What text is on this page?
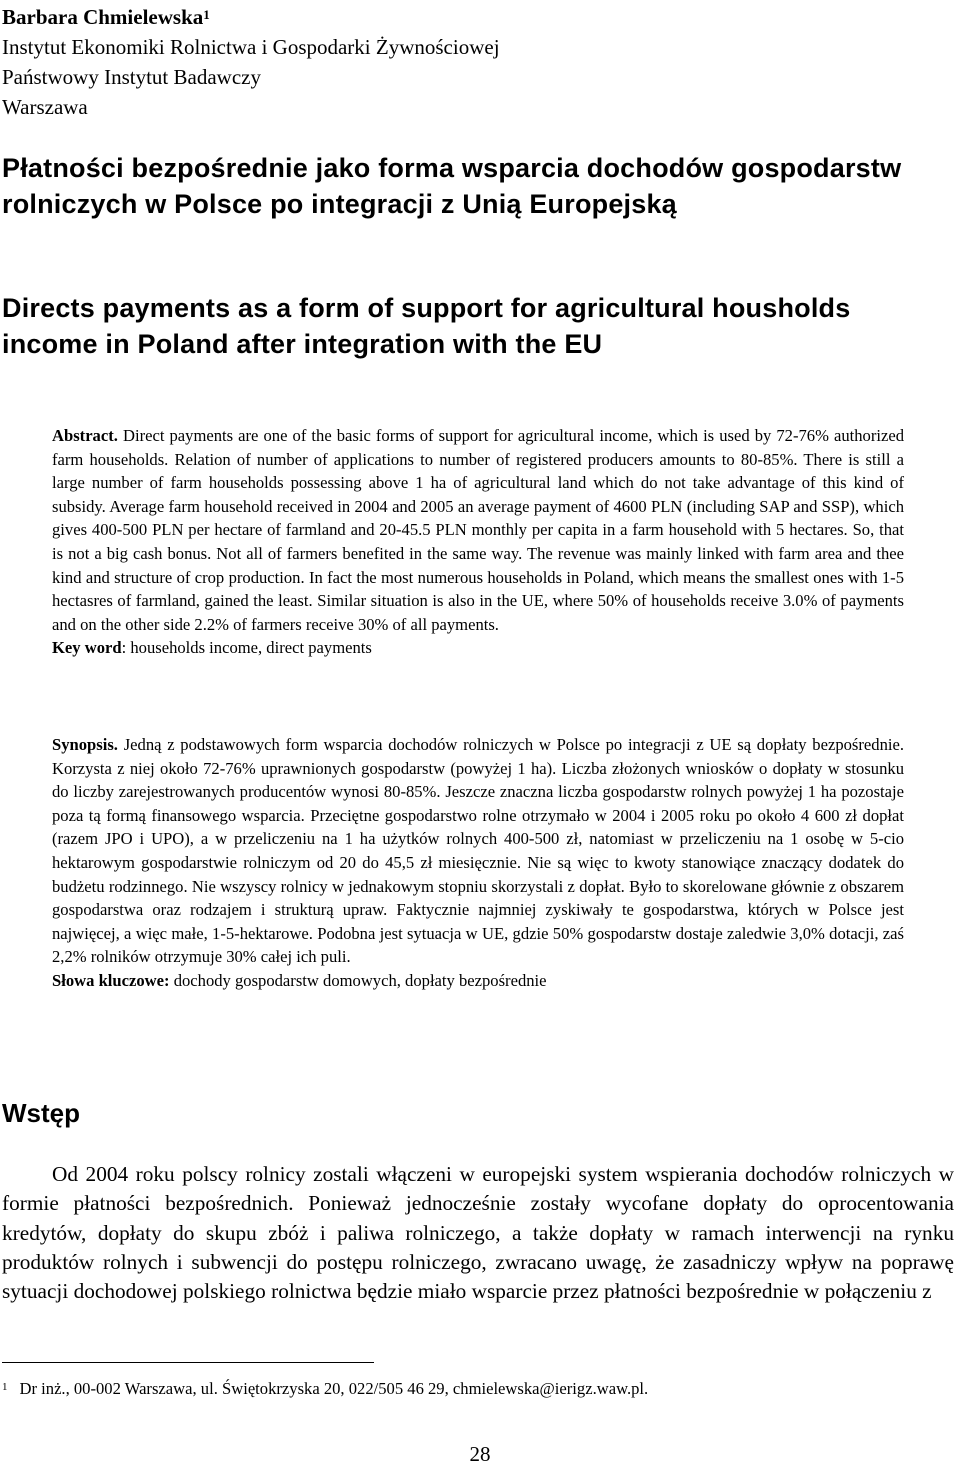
Barbara Chmielewska$^1$
Instytut Ekonomiki Rolnictwa i Gospodarki Żywnościowej
Państwowy Instytut Badawczy
Warszawa
Płatności bezpośrednie jako forma wsparcia dochodów gospodarstw rolniczych w Polsce po integracji z Unią Europejską
Directs payments as a form of support for agricultural housholds income in Poland after integration with the EU
Abstract. Direct payments are one of the basic forms of support for agricultural income, which is used by 72-76% authorized farm households. Relation of number of applications to number of registered producers amounts to 80-85%. There is still a large number of farm households possessing above 1 ha of agricultural land which do not take advantage of this kind of subsidy. Average farm household received in 2004 and 2005 an average payment of 4600 PLN (including SAP and SSP), which gives 400-500 PLN per hectare of farmland and 20-45.5 PLN monthly per capita in a farm household with 5 hectares. So, that is not a big cash bonus. Not all of farmers benefited in the same way. The revenue was mainly linked with farm area and thee kind and structure of crop production. In fact the most numerous households in Poland, which means the smallest ones with 1-5 hectasres of farmland, gained the least. Similar situation is also in the UE, where 50% of households receive 3.0% of payments and on the other side 2.2% of farmers receive 30% of all payments.
Key word: households income, direct payments
Synopsis. Jedną z podstawowych form wsparcia dochodów rolniczych w Polsce po integracji z UE są dopłaty bezpośrednie. Korzysta z niej około 72-76% uprawnionych gospodarstw (powyżej 1 ha). Liczba złożonych wniosków o dopłaty w stosunku do liczby zarejestrowanych producentów wynosi 80-85%. Jeszcze znaczna liczba gospodarstw rolnych powyżej 1 ha pozostaje poza tą formą finansowego wsparcia. Przeciętne gospodarstwo rolne otrzymało w 2004 i 2005 roku po około 4 600 zł dopłat (razem JPO i UPO), a w przeliczeniu na 1 ha użytków rolnych 400-500 zł, natomiast w przeliczeniu na 1 osobę w 5-cio hektarowym gospodarstwie rolniczym od 20 do 45,5 zł miesięcznie. Nie są więc to kwoty stanowiące znaczący dodatek do budżetu rodzinnego. Nie wszyscy rolnicy w jednakowym stopniu skorzystali z dopłat. Było to skorelowane głównie z obszarem gospodarstwa oraz rodzajem i strukturą upraw. Faktycznie najmniej zyskiwały te gospodarstwa, których w Polsce jest najwięcej, a więc małe, 1-5-hektarowe. Podobna jest sytuacja w UE, gdzie 50% gospodarstw dostaje zaledwie 3,0% dotacji, zaś 2,2% rolników otrzymuje 30% całej ich puli.
Słowa kluczowe: dochody gospodarstw domowych, dopłaty bezpośrednie
Wstęp
Od 2004 roku polscy rolnicy zostali włączeni w europejski system wspierania dochodów rolniczych w formie płatności bezpośrednich. Ponieważ jednocześnie zostały wycofane dopłaty do oprocentowania kredytów, dopłaty do skupu zbóż i paliwa rolniczego, a także dopłaty w ramach interwencji na rynku produktów rolnych i subwencji do postępu rolniczego, zwracano uwagę, że zasadniczy wpływ na poprawę sytuacji dochodowej polskiego rolnictwa będzie miało wsparcie przez płatności bezpośrednie w połączeniu z
$^1$ Dr inż., 00-002 Warszawa, ul. Świętokrzyska 20, 022/505 46 29, chmielewska@ierigz.waw.pl.
28
